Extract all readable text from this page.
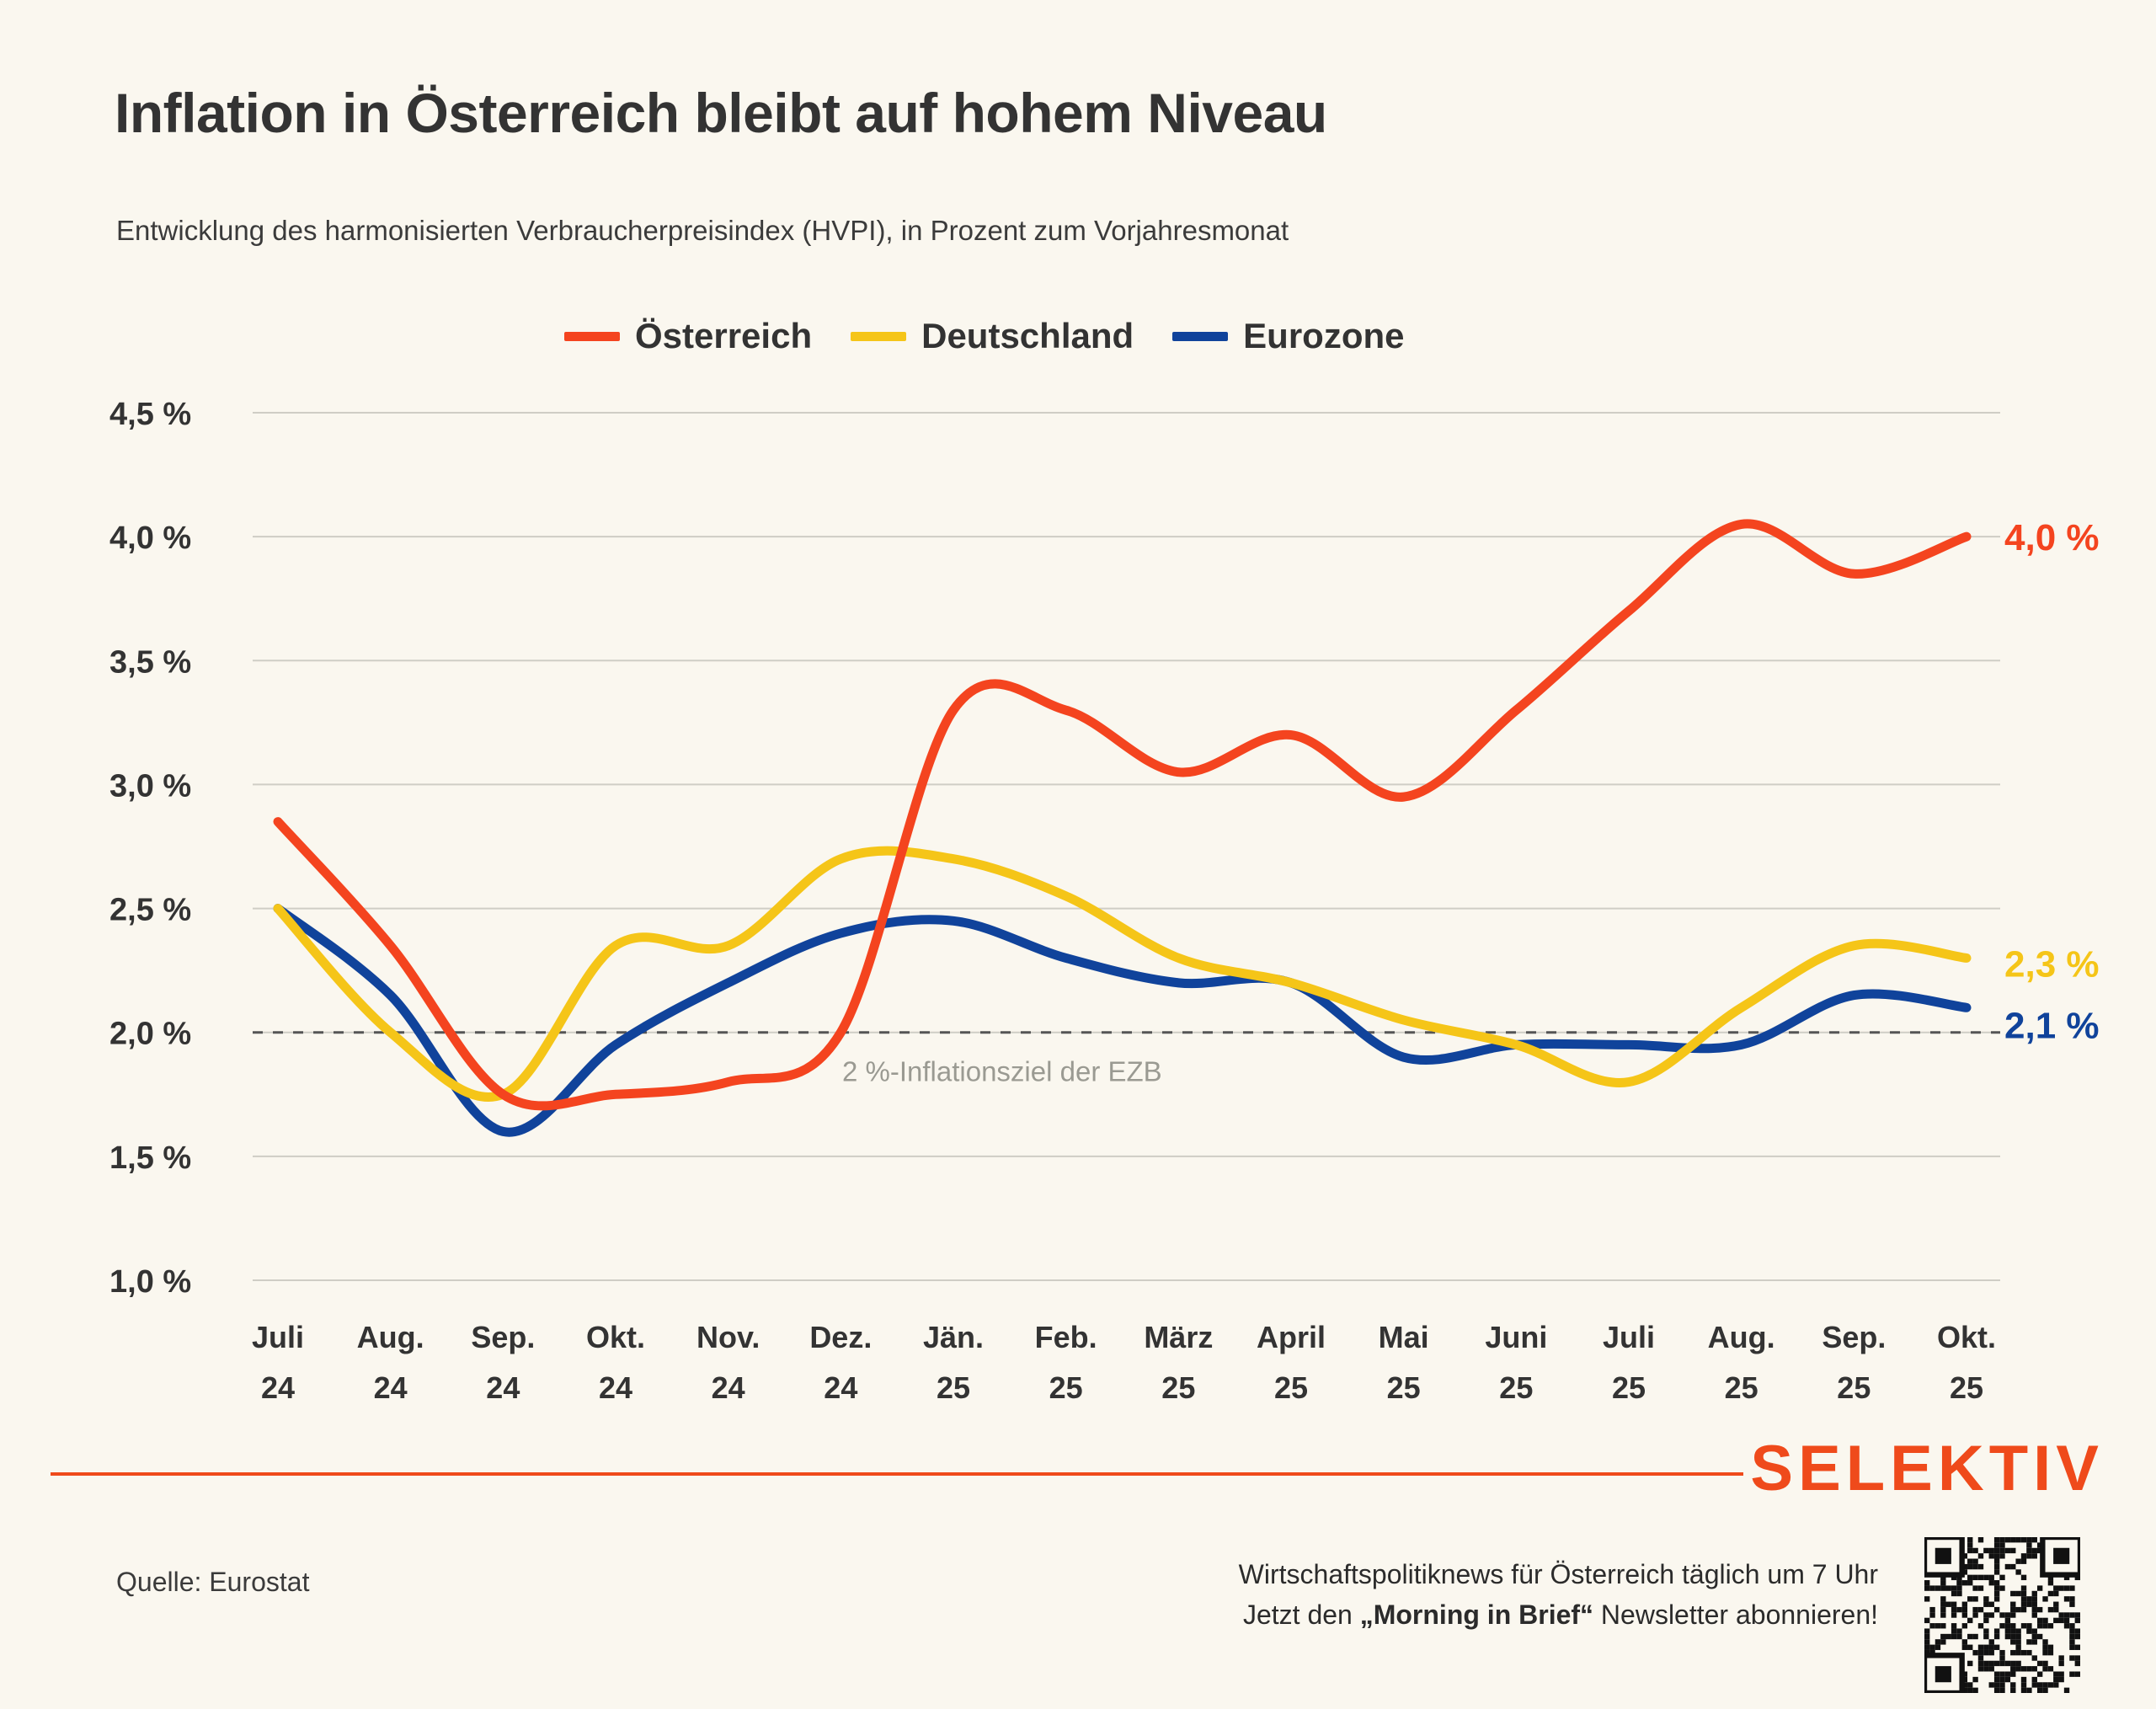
Inflation in Österreich bleibt auf hohem Niveau
Entwicklung des harmonisierten Verbraucherpreisindex (HVPI), in Prozent zum Vorjahresmonat
Österreich	Deutschland	Eurozone
1,0 %
1,5 %
2,0 %
2,5 %
3,0 %
3,5 %
4,0 %
4,5 %
Juli
24
Aug.
24
Sep.
24
Okt.
24
Nov.
24
Dez.
24
Jän.
25
Feb.
25
März
25
April
25
Mai
25
Juni
25
Juli
25
Aug.
25
Sep.
25
Okt.
25
2 %-Inflationsziel der EZB
4,0 %
2,3 %
2,1 %
SELEKTIV
Quelle: Eurostat	Wirtschaftspolitiknews für Österreich täglich um 7 Uhr
Jetzt den „Morning in Brief“ Newsletter abonnieren!
